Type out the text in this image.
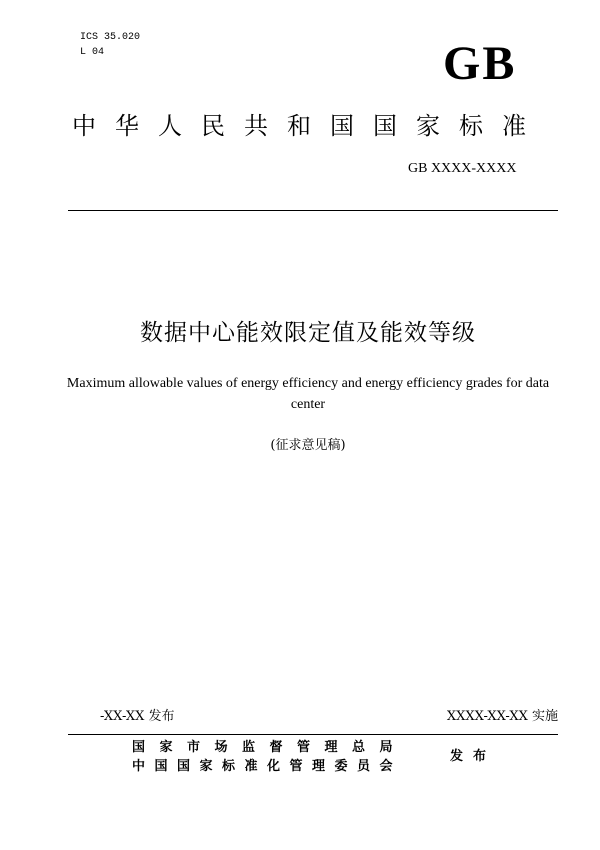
ICS 35.020
L 04	GB
中华人民共和国国家标准
GB XXXX-XXXX
数据中心能效限定值及能效等级
Maximum allowable values of energy efficiency and energy efficiency grades for data center
(征求意见稿)
-XX-XX 发布	XXXX-XX-XX 实施
国家市场监督管理总局
中国国家标准化管理委员会
发布
